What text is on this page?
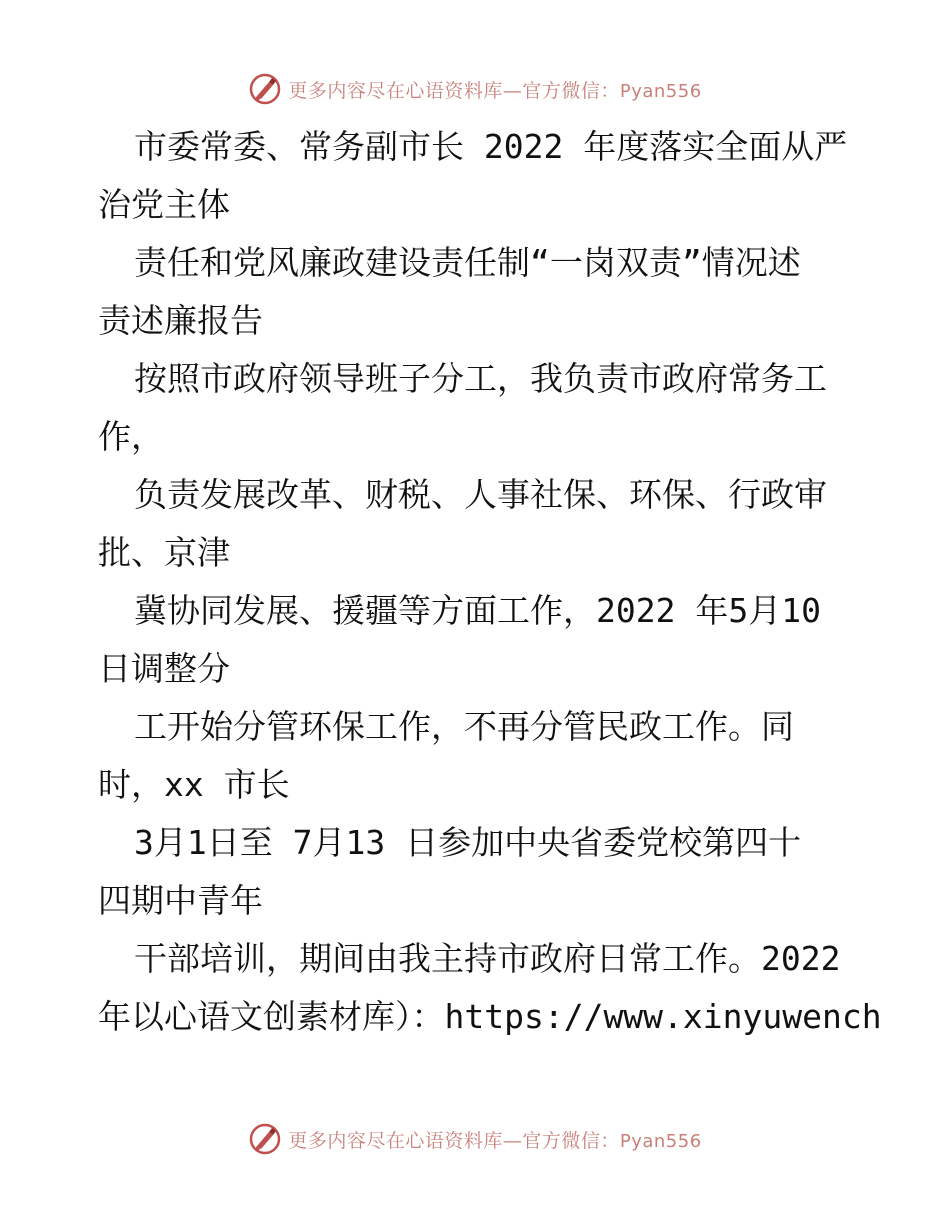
更多内容尽在心语资料库—官方微信：Pyan556
市委常委、常务副市长 2022 年度落实全面从严
治党主体
责任和党风廉政建设责任制“一岗双责”情况述
责述廉报告
按照市政府领导班子分工，我负责市政府常务工
作，
负责发展改革、财税、人事社保、环保、行政审
批、京津
冀协同发展、援疆等方面工作，2022 年5月10
日调整分
工开始分管环保工作，不再分管民政工作。同
时，xx 市长
3月1日至 7月13 日参加中央省委党校第四十
四期中青年
干部培训，期间由我主持市政府日常工作。2022
年以心语文创素材库）：https://www.xinyuwench
更多内容尽在心语资料库—官方微信：Pyan556
